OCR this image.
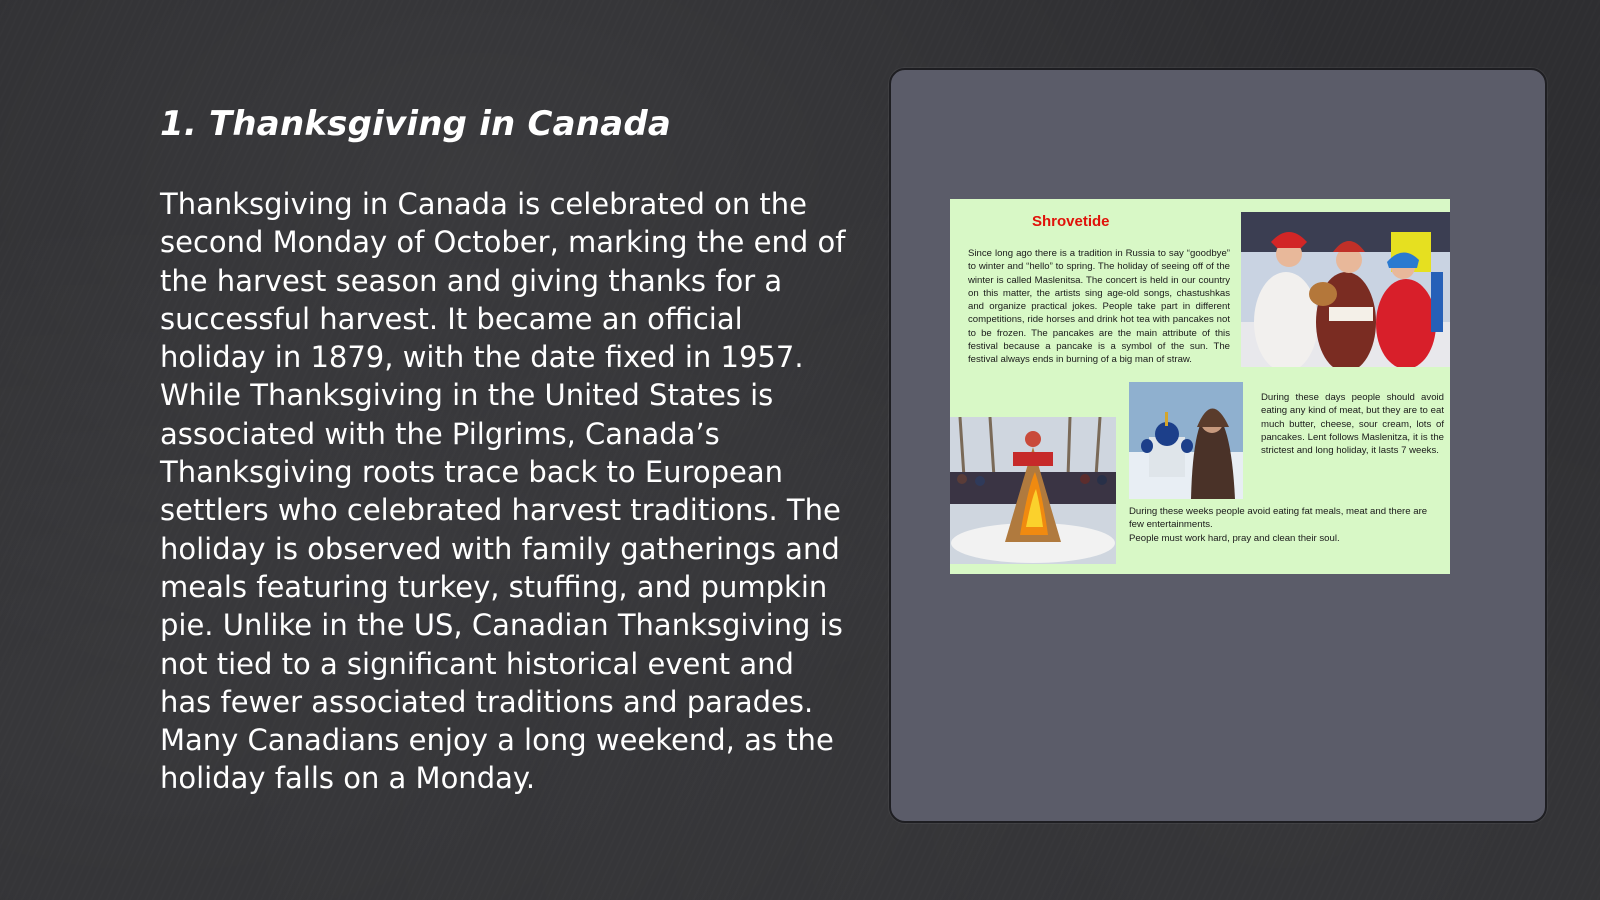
1. Thanksgiving in Canada

Thanksgiving in Canada is celebrated on the second Monday of October, marking the end of the harvest season and giving thanks for a successful harvest. It became an official holiday in 1879, with the date fixed in 1957. While Thanksgiving in the United States is associated with the Pilgrims, Canada’s Thanksgiving roots trace back to European settlers who celebrated harvest traditions. The holiday is observed with family gatherings and meals featuring turkey, stuffing, and pumpkin pie. Unlike in the US, Canadian Thanksgiving is not tied to a significant historical event and has fewer associated traditions and parades. Many Canadians enjoy a long weekend, as the holiday falls on a Monday.

Shrovetide

Since long ago there is a tradition in Russia to say “goodbye” to winter and “hello” to spring. The holiday of seeing off of the winter is called Maslenitsa. The concert is held in our country on this matter, the artists sing age-old songs, chastushkas and organize practical jokes. People take part in different competitions, ride horses and drink hot tea with pancakes not to be frozen. The pancakes are the main attribute of this festival because a pancake is a symbol of the sun. The festival always ends in burning of a big man of straw.

During these days people should avoid eating any kind of meat, but they are to eat much butter, cheese, sour cream, lots of pancakes. Lent follows Maslenitza, it is the strictest and long holiday, it lasts 7 weeks.

During these weeks people avoid eating fat meals, meat and there are few entertainments.
People must work hard, pray and clean their soul.
